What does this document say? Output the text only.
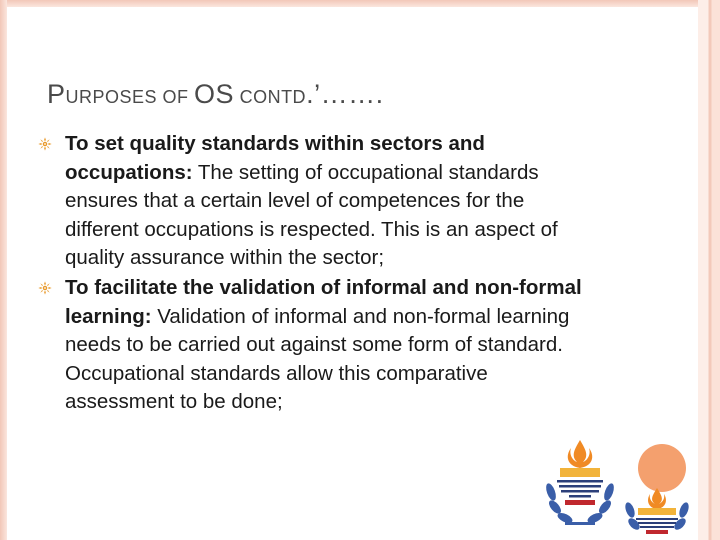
PURPOSES OF OS CONTD.’…….
To set quality standards within sectors and occupations: The setting of occupational standards ensures that a certain level of competences for the different occupations is respected. This is an aspect of quality assurance within the sector;
To facilitate the validation of informal and non-formal learning: Validation of informal and non-formal learning needs to be carried out against some form of standard. Occupational standards allow this comparative assessment to be done;
